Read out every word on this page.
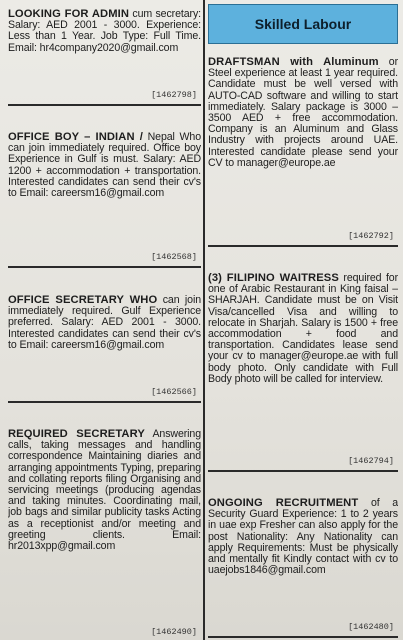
LOOKING FOR ADMIN cum secretary: Salary: AED 2001 - 3000. Experience: Less than 1 Year. Job Type: Full Time. Email: hr4company2020@gmail.com

[1462798]

OFFICE BOY – INDIAN / Nepal Who can join immediately required. Office boy Experience in Gulf is must. Salary: AED 1200 + accommodation + transportation. Interested candidates can send their cv's to Email: careersm16@gmail.com

[1462568]

OFFICE SECRETARY WHO can join immediately required. Gulf Experience preferred. Salary: AED 2001 - 3000. Interested candidates can send their cv's to Email: careersm16@gmail.com

[1462566]

REQUIRED SECRETARY Answering calls, taking messages and handling correspondence Maintaining diaries and arranging appointments Typing, preparing and collating reports filing Organising and servicing meetings (producing agendas and taking minutes. Coordinating mail, job bags and similar publicity tasks Acting as a receptionist and/or meeting and greeting clients. Email: hr2013xpp@gmail.com

[1462490]
Skilled Labour

DRAFTSMAN with Aluminum or Steel experience at least 1 year required. Candidate must be well versed with AUTO-CAD software and willing to start immediately. Salary package is 3000 – 3500 AED + free accommodation. Company is an Aluminum and Glass Industry with projects around UAE. Interested candidate please send your CV to manager@europe.ae

[1462792]

(3) FILIPINO WAITRESS required for one of Arabic Restaurant in King faisal – SHARJAH. Candidate must be on Visit Visa/cancelled Visa and willing to relocate in Sharjah. Salary is 1500 + free accommodation + food and transportation. Candidates lease send your cv to manager@europe.ae with full body photo. Only candidate with Full Body photo will be called for interview.

[1462794]

ONGOING RECRUITMENT of a Security Guard Experience: 1 to 2 years in uae exp Fresher can also apply for the post Nationality: Any Nationality can apply Requirements: Must be physically and mentally fit Kindly contact with cv to uaejobs1846@gmail.com

[1462480]
